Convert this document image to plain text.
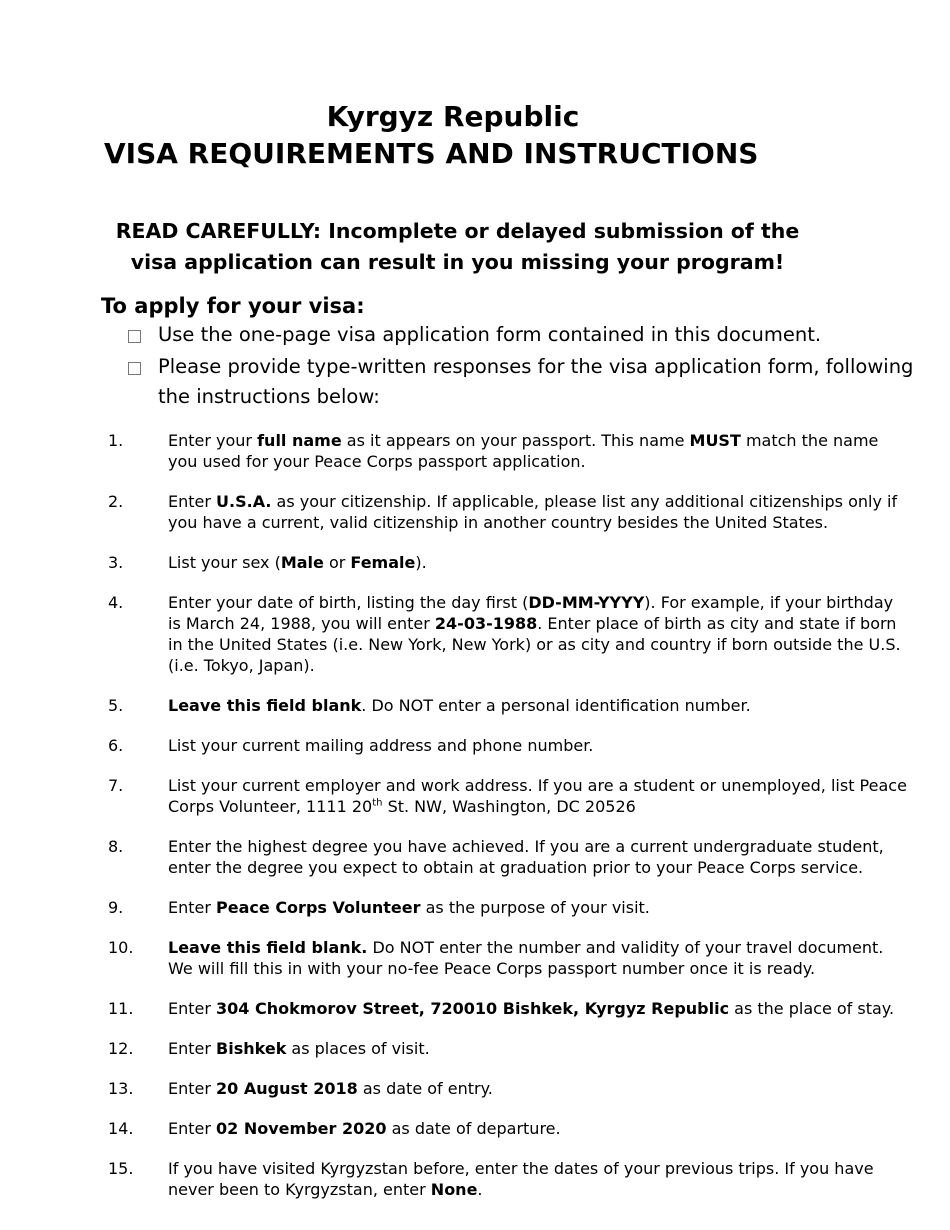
Kyrgyz Republic
VISA REQUIREMENTS AND INSTRUCTIONS

READ CAREFULLY: Incomplete or delayed submission of the visa application can result in you missing your program!

To apply for your visa:
Use the one-page visa application form contained in this document.
Please provide type-written responses for the visa application form, following the instructions below:
1.	Enter your full name as it appears on your passport. This name MUST match the name you used for your Peace Corps passport application.
2.	Enter U.S.A. as your citizenship. If applicable, please list any additional citizenships only if you have a current, valid citizenship in another country besides the United States.
3.	List your sex (Male or Female).
4.	Enter your date of birth, listing the day first (DD-MM-YYYY). For example, if your birthday is March 24, 1988, you will enter 24-03-1988. Enter place of birth as city and state if born in the United States (i.e. New York, New York) or as city and country if born outside the U.S. (i.e. Tokyo, Japan).
5.	Leave this field blank. Do NOT enter a personal identification number.
6.	List your current mailing address and phone number.
7.	List your current employer and work address. If you are a student or unemployed, list Peace Corps Volunteer, 1111 20th St. NW, Washington, DC 20526
8.	Enter the highest degree you have achieved. If you are a current undergraduate student, enter the degree you expect to obtain at graduation prior to your Peace Corps service.
9.	Enter Peace Corps Volunteer as the purpose of your visit.
10.	Leave this field blank. Do NOT enter the number and validity of your travel document. We will fill this in with your no-fee Peace Corps passport number once it is ready.
11.	Enter 304 Chokmorov Street, 720010 Bishkek, Kyrgyz Republic as the place of stay.
12.	Enter Bishkek as places of visit.
13.	Enter 20 August 2018 as date of entry.
14.	Enter 02 November 2020 as date of departure.
15.	If you have visited Kyrgyzstan before, enter the dates of your previous trips. If you have never been to Kyrgyzstan, enter None.
